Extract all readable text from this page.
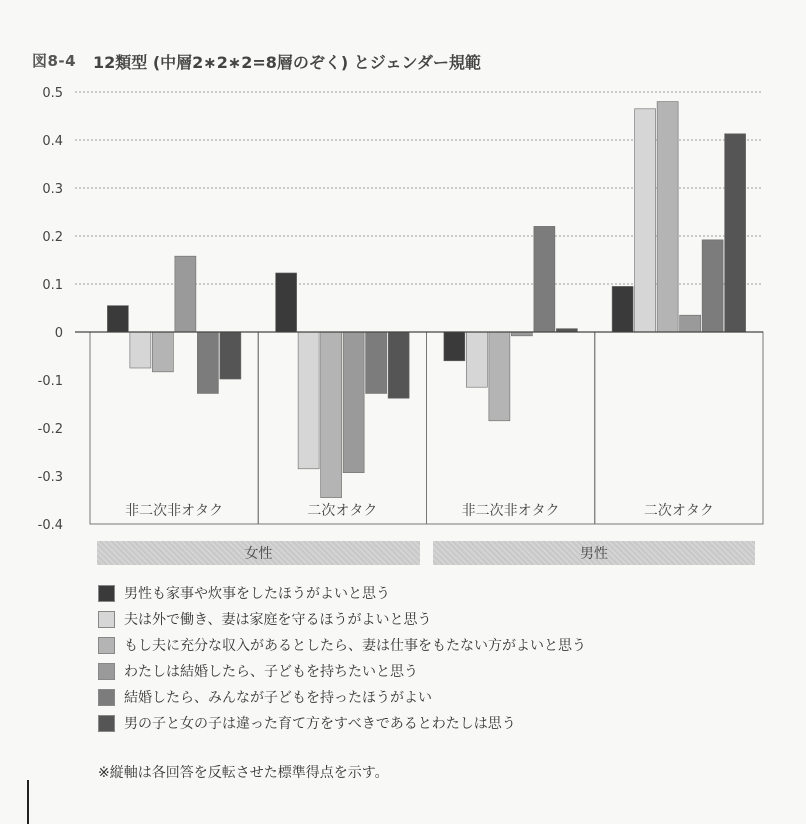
図8-4 12類型 (中層2∗2∗2=8層のぞく) とジェンダー規範
0.5
0.4
0.3
0.2
0.1
0
-0.1
-0.2
-0.3
-0.4
非二次非オタク	二次オタク	非二次非オタク	二次オタク
女性	男性
男性も家事や炊事をしたほうがよいと思う
夫は外で働き、妻は家庭を守るほうがよいと思う
もし夫に充分な収入があるとしたら、妻は仕事をもたない方がよいと思う
わたしは結婚したら、子どもを持ちたいと思う
結婚したら、みんなが子どもを持ったほうがよい
男の子と女の子は違った育て方をすべきであるとわたしは思う
※縦軸は各回答を反転させた標準得点を示す。
